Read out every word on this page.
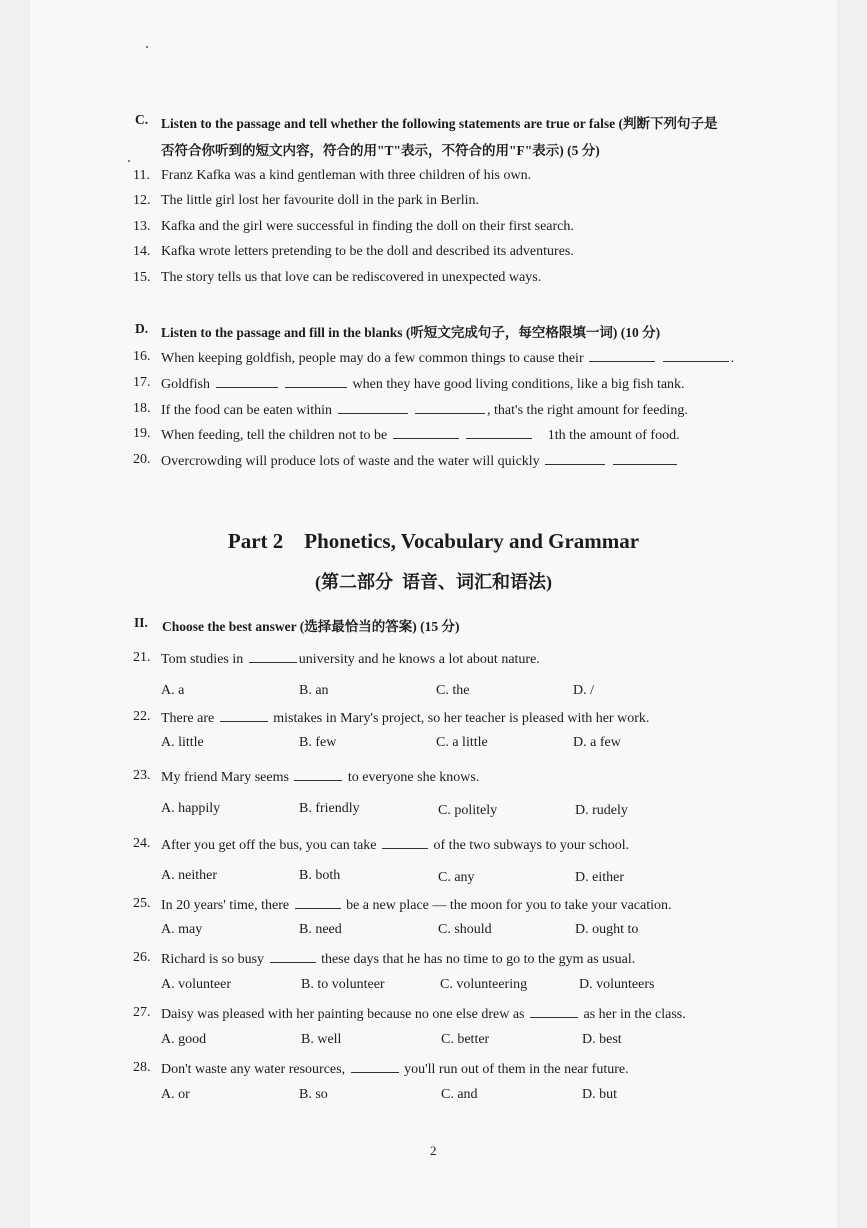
C. Listen to the passage and tell whether the following statements are true or false (判断下列句子是
否符合你听到的短文内容，符合的用"T"表示，不符合的用"F"表示) (5 分)
11. Franz Kafka was a kind gentleman with three children of his own.
12. The little girl lost her favourite doll in the park in Berlin.
13. Kafka and the girl were successful in finding the doll on their first search.
14. Kafka wrote letters pretending to be the doll and described its adventures.
15. The story tells us that love can be rediscovered in unexpected ways.
D. Listen to the passage and fill in the blanks (听短文完成句子，每空格限填一词) (10 分)
16. When keeping goldfish, people may do a few common things to cause their	.
17. Goldfish	when they have good living conditions, like a big fish tank.
18. If the food can be eaten within	, that's the right amount for feeding.
19. When feeding, tell the children not to be	1th the amount of food.
20. Overcrowding will produce lots of waste and the water will quickly
Part 2    Phonetics, Vocabulary and Grammar
(第二部分  语音、词汇和语法)
II. Choose the best answer (选择最恰当的答案) (15 分)
21. Tom studies in	university and he knows a lot about nature.
A. a	B. an	C. the	D. /
22. There are	mistakes in Mary's project, so her teacher is pleased with her work.
A. little	B. few	C. a little	D. a few
23. My friend Mary seems	to everyone she knows.
A. happily	B. friendly	C. politely	D. rudely
24. After you get off the bus, you can take	of the two subways to your school.
A. neither	B. both	C. any	D. either
25. In 20 years' time, there	be a new place — the moon for you to take your vacation.
A. may	B. need	C. should	D. ought to
26. Richard is so busy	these days that he has no time to go to the gym as usual.
A. volunteer	B. to volunteer	C. volunteering	D. volunteers
27. Daisy was pleased with her painting because no one else drew as	as her in the class.
A. good	B. well	C. better	D. best
28. Don't waste any water resources,	you'll run out of them in the near future.
A. or	B. so	C. and	D. but
2
